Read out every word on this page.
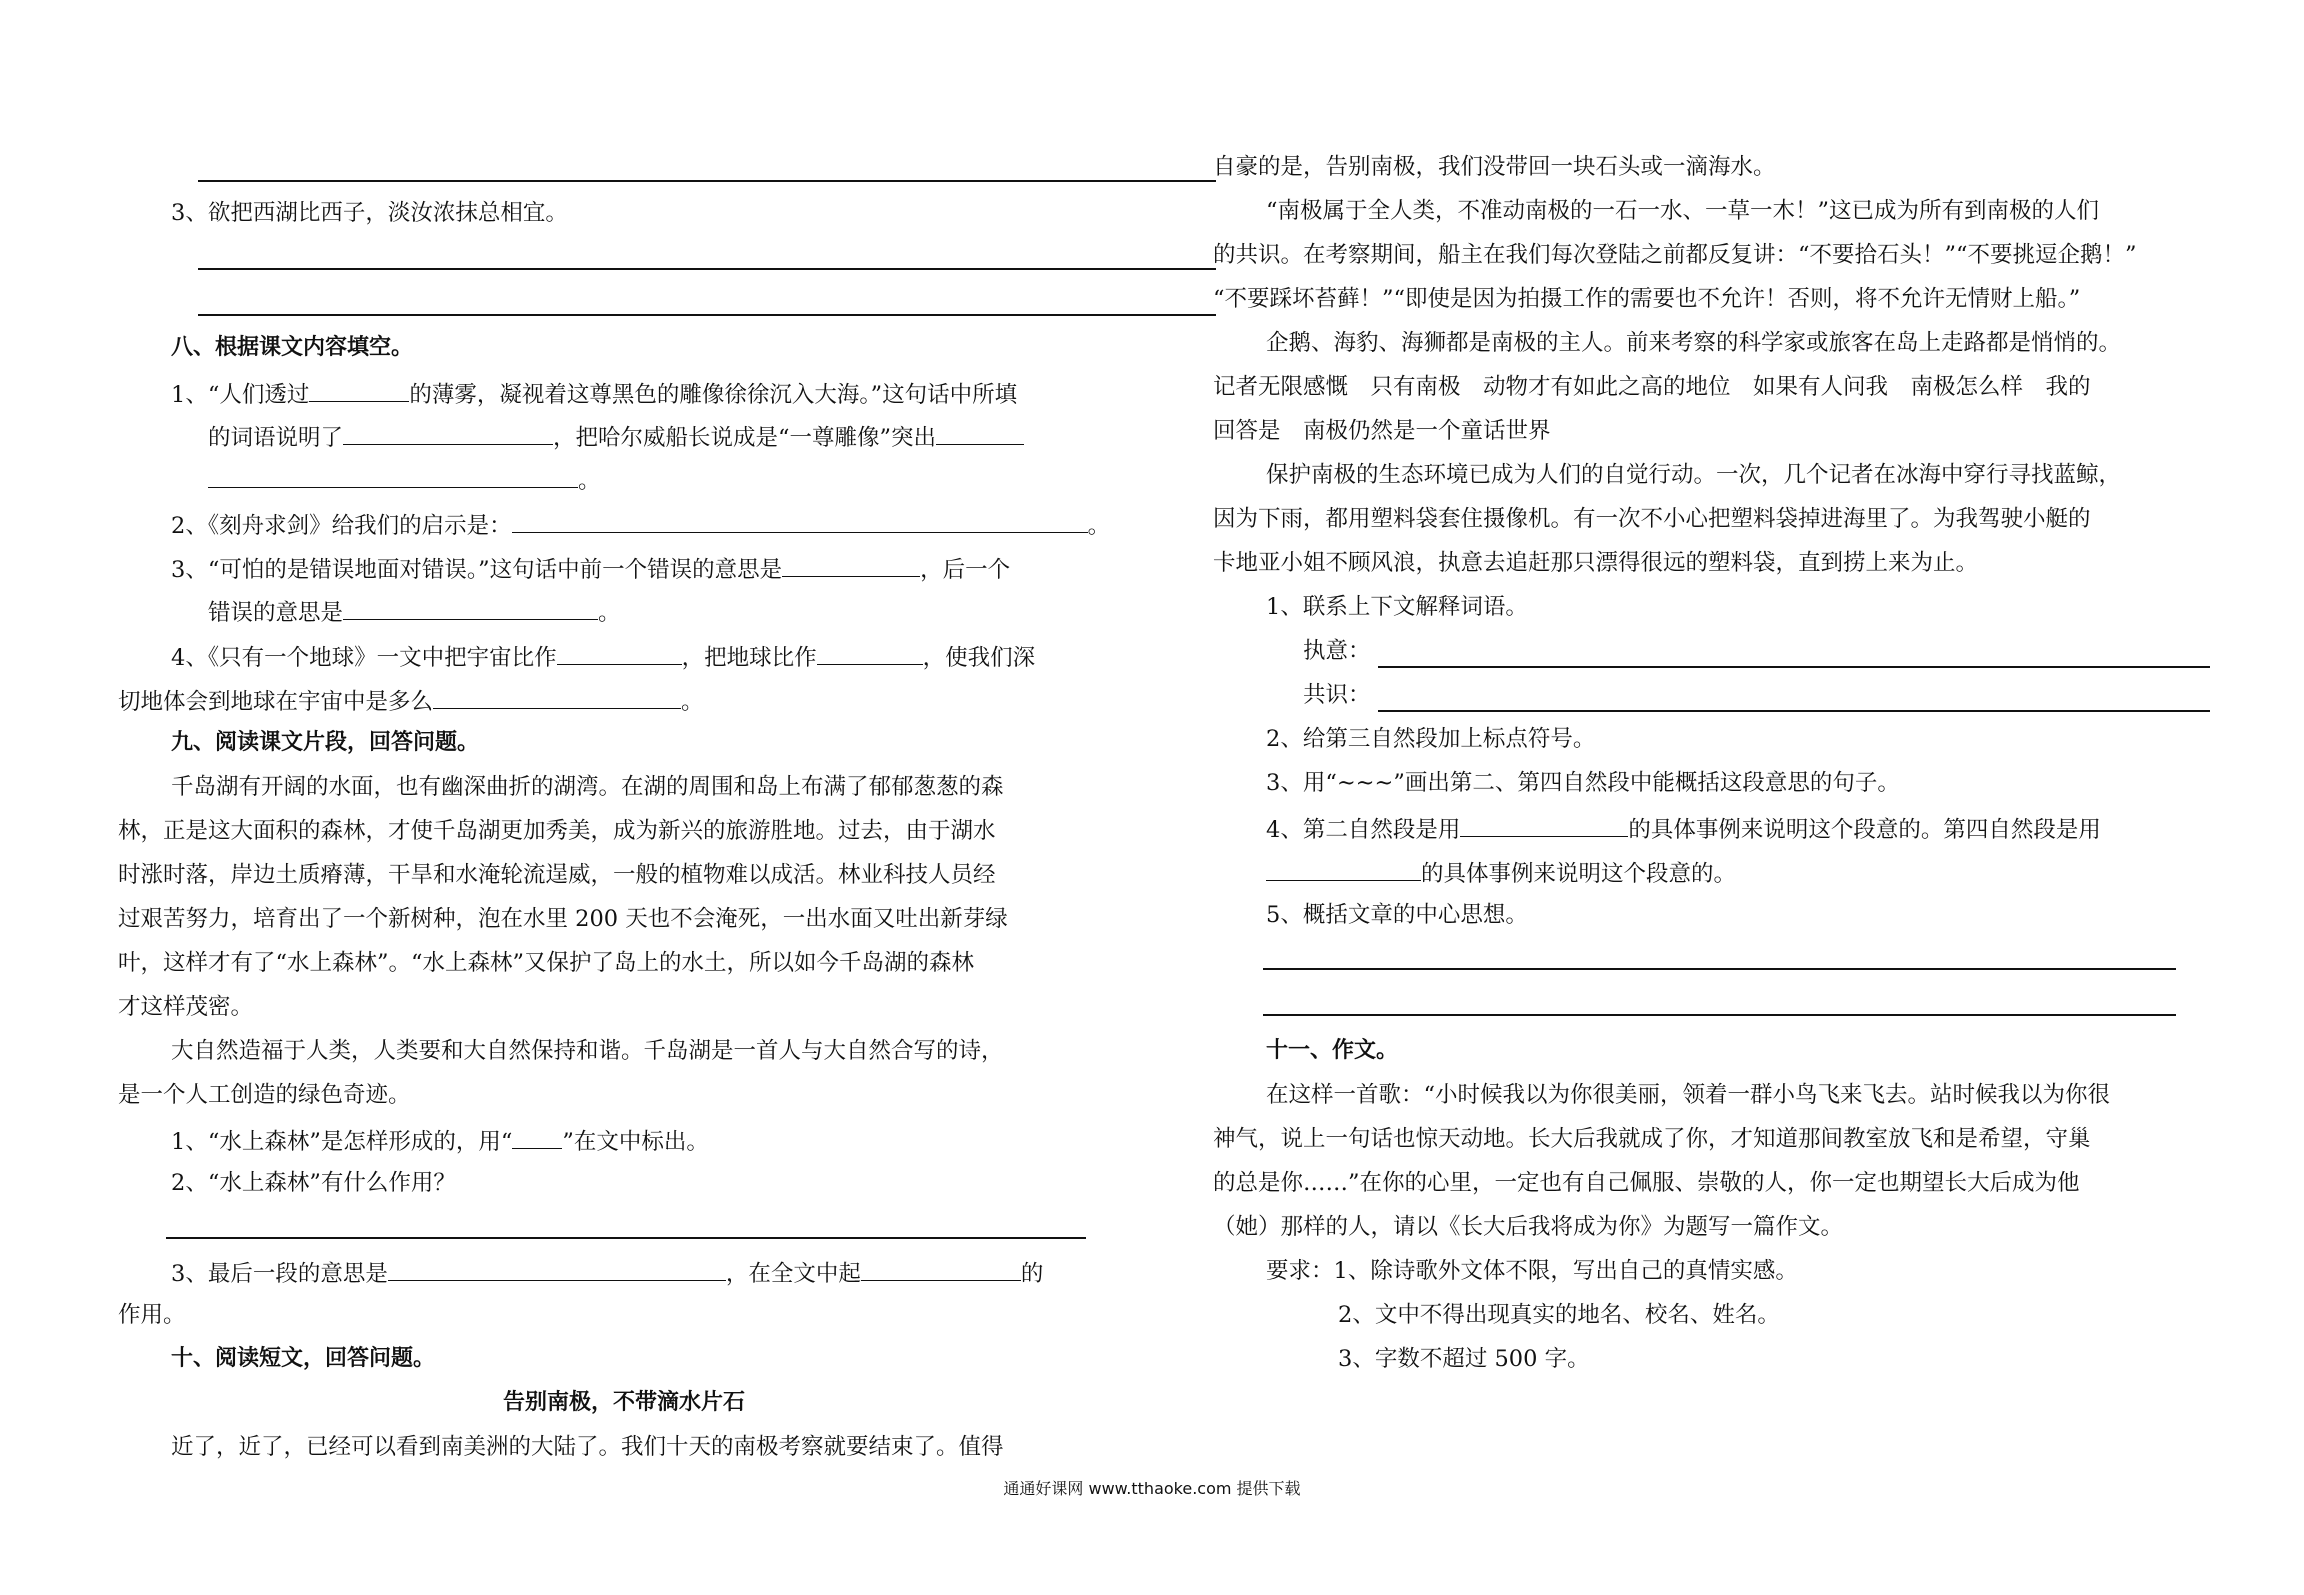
3、欲把西湖比西子，淡汝浓抹总相宜。
八、根据课文内容填空。
1、“人们透过	的薄雾，凝视着这尊黑色的雕像徐徐沉入大海。”这句话中所填
的词语说明了	，把哈尔威船长说成是“一尊雕像”突出
。
2、《刻舟求剑》给我们的启示是：	。
3、“可怕的是错误地面对错误。”这句话中前一个错误的意思是	，后一个
错误的意思是	。
4、《只有一个地球》一文中把宇宙比作	，把地球比作	，使我们深
切地体会到地球在宇宙中是多么	。
九、阅读课文片段，回答问题。
千岛湖有开阔的水面，也有幽深曲折的湖湾。在湖的周围和岛上布满了郁郁葱葱的森
林，正是这大面积的森林，才使千岛湖更加秀美，成为新兴的旅游胜地。过去，由于湖水
时涨时落，岸边土质瘠薄，干旱和水淹轮流逞威，一般的植物难以成活。林业科技人员经
过艰苦努力，培育出了一个新树种，泡在水里 200 天也不会淹死，一出水面又吐出新芽绿
叶，这样才有了“水上森林”。“水上森林”又保护了岛上的水土，所以如今千岛湖的森林
才这样茂密。
大自然造福于人类，人类要和大自然保持和谐。千岛湖是一首人与大自然合写的诗，
是一个人工创造的绿色奇迹。
1、“水上森林”是怎样形成的，用“ ”在文中标出。
2、“水上森林”有什么作用？
3、最后一段的意思是	，在全文中起	的
作用。
十、阅读短文，回答问题。
告别南极，不带滴水片石
近了，近了，已经可以看到南美洲的大陆了。我们十天的南极考察就要结束了。值得
自豪的是，告别南极，我们没带回一块石头或一滴海水。
“南极属于全人类，不准动南极的一石一水、一草一木！”这已成为所有到南极的人们
的共识。在考察期间，船主在我们每次登陆之前都反复讲：“不要拾石头！”“不要挑逗企鹅！”
“不要踩坏苔藓！”“即使是因为拍摄工作的需要也不允许！否则，将不允许无情财上船。”
企鹅、海豹、海狮都是南极的主人。前来考察的科学家或旅客在岛上走路都是悄悄的。
记者无限感慨　只有南极　动物才有如此之高的地位　如果有人问我　南极怎么样　我的
回答是　南极仍然是一个童话世界
保护南极的生态环境已成为人们的自觉行动。一次，几个记者在冰海中穿行寻找蓝鲸，
因为下雨，都用塑料袋套住摄像机。有一次不小心把塑料袋掉进海里了。为我驾驶小艇的
卡地亚小姐不顾风浪，执意去追赶那只漂得很远的塑料袋，直到捞上来为止。
1、联系上下文解释词语。
执意：
共识：
2、给第三自然段加上标点符号。
3、用“~~~”画出第二、第四自然段中能概括这段意思的句子。
4、第二自然段是用	的具体事例来说明这个段意的。第四自然段是用
的具体事例来说明这个段意的。
5、概括文章的中心思想。
十一、作文。
在这样一首歌：“小时候我以为你很美丽，领着一群小鸟飞来飞去。站时候我以为你很
神气，说上一句话也惊天动地。长大后我就成了你，才知道那间教室放飞和是希望，守巢
的总是你……”在你的心里，一定也有自己佩服、崇敬的人，你一定也期望长大后成为他
（她）那样的人，请以《长大后我将成为你》为题写一篇作文。
要求：1、除诗歌外文体不限，写出自己的真情实感。
2、文中不得出现真实的地名、校名、姓名。
3、字数不超过 500 字。
通通好课网 www.tthaoke.com 提供下载
